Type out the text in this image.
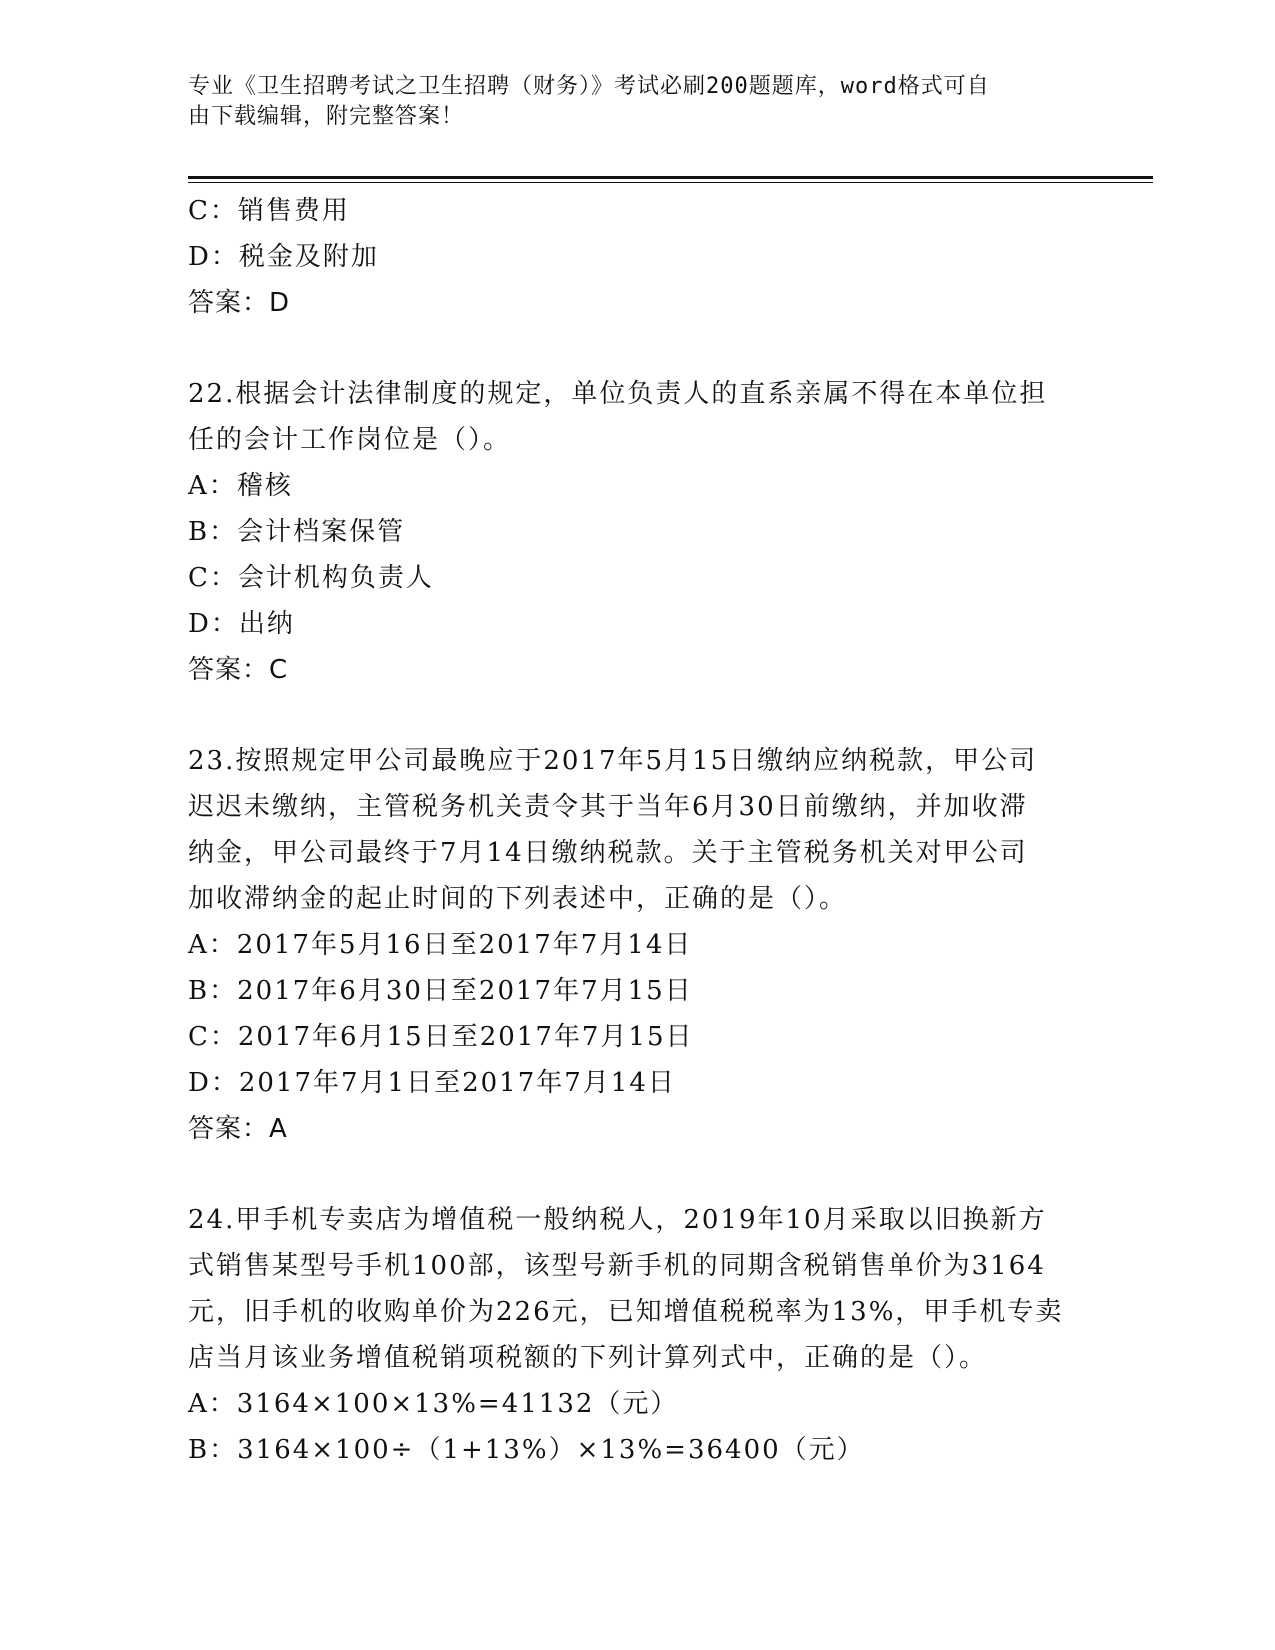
专业《卫生招聘考试之卫生招聘（财务）》考试必刷200题题库，word格式可自
由下载编辑，附完整答案！
C：销售费用
D：税金及附加
答案：D
22.根据会计法律制度的规定，单位负责人的直系亲属不得在本单位担
任的会计工作岗位是（）。
A：稽核
B：会计档案保管
C：会计机构负责人
D：出纳
答案：C
23.按照规定甲公司最晚应于2017年5月15日缴纳应纳税款，甲公司
迟迟未缴纳，主管税务机关责令其于当年6月30日前缴纳，并加收滞
纳金，甲公司最终于7月14日缴纳税款。关于主管税务机关对甲公司
加收滞纳金的起止时间的下列表述中，正确的是（）。
A：2017年5月16日至2017年7月14日
B：2017年6月30日至2017年7月15日
C：2017年6月15日至2017年7月15日
D：2017年7月1日至2017年7月14日
答案：A
24.甲手机专卖店为增值税一般纳税人，2019年10月采取以旧换新方
式销售某型号手机100部，该型号新手机的同期含税销售单价为3164
元，旧手机的收购单价为226元，已知增值税税率为13%，甲手机专卖
店当月该业务增值税销项税额的下列计算列式中，正确的是（）。
A：3164×100×13%=41132（元）
B：3164×100÷（1+13%）×13%=36400（元）
